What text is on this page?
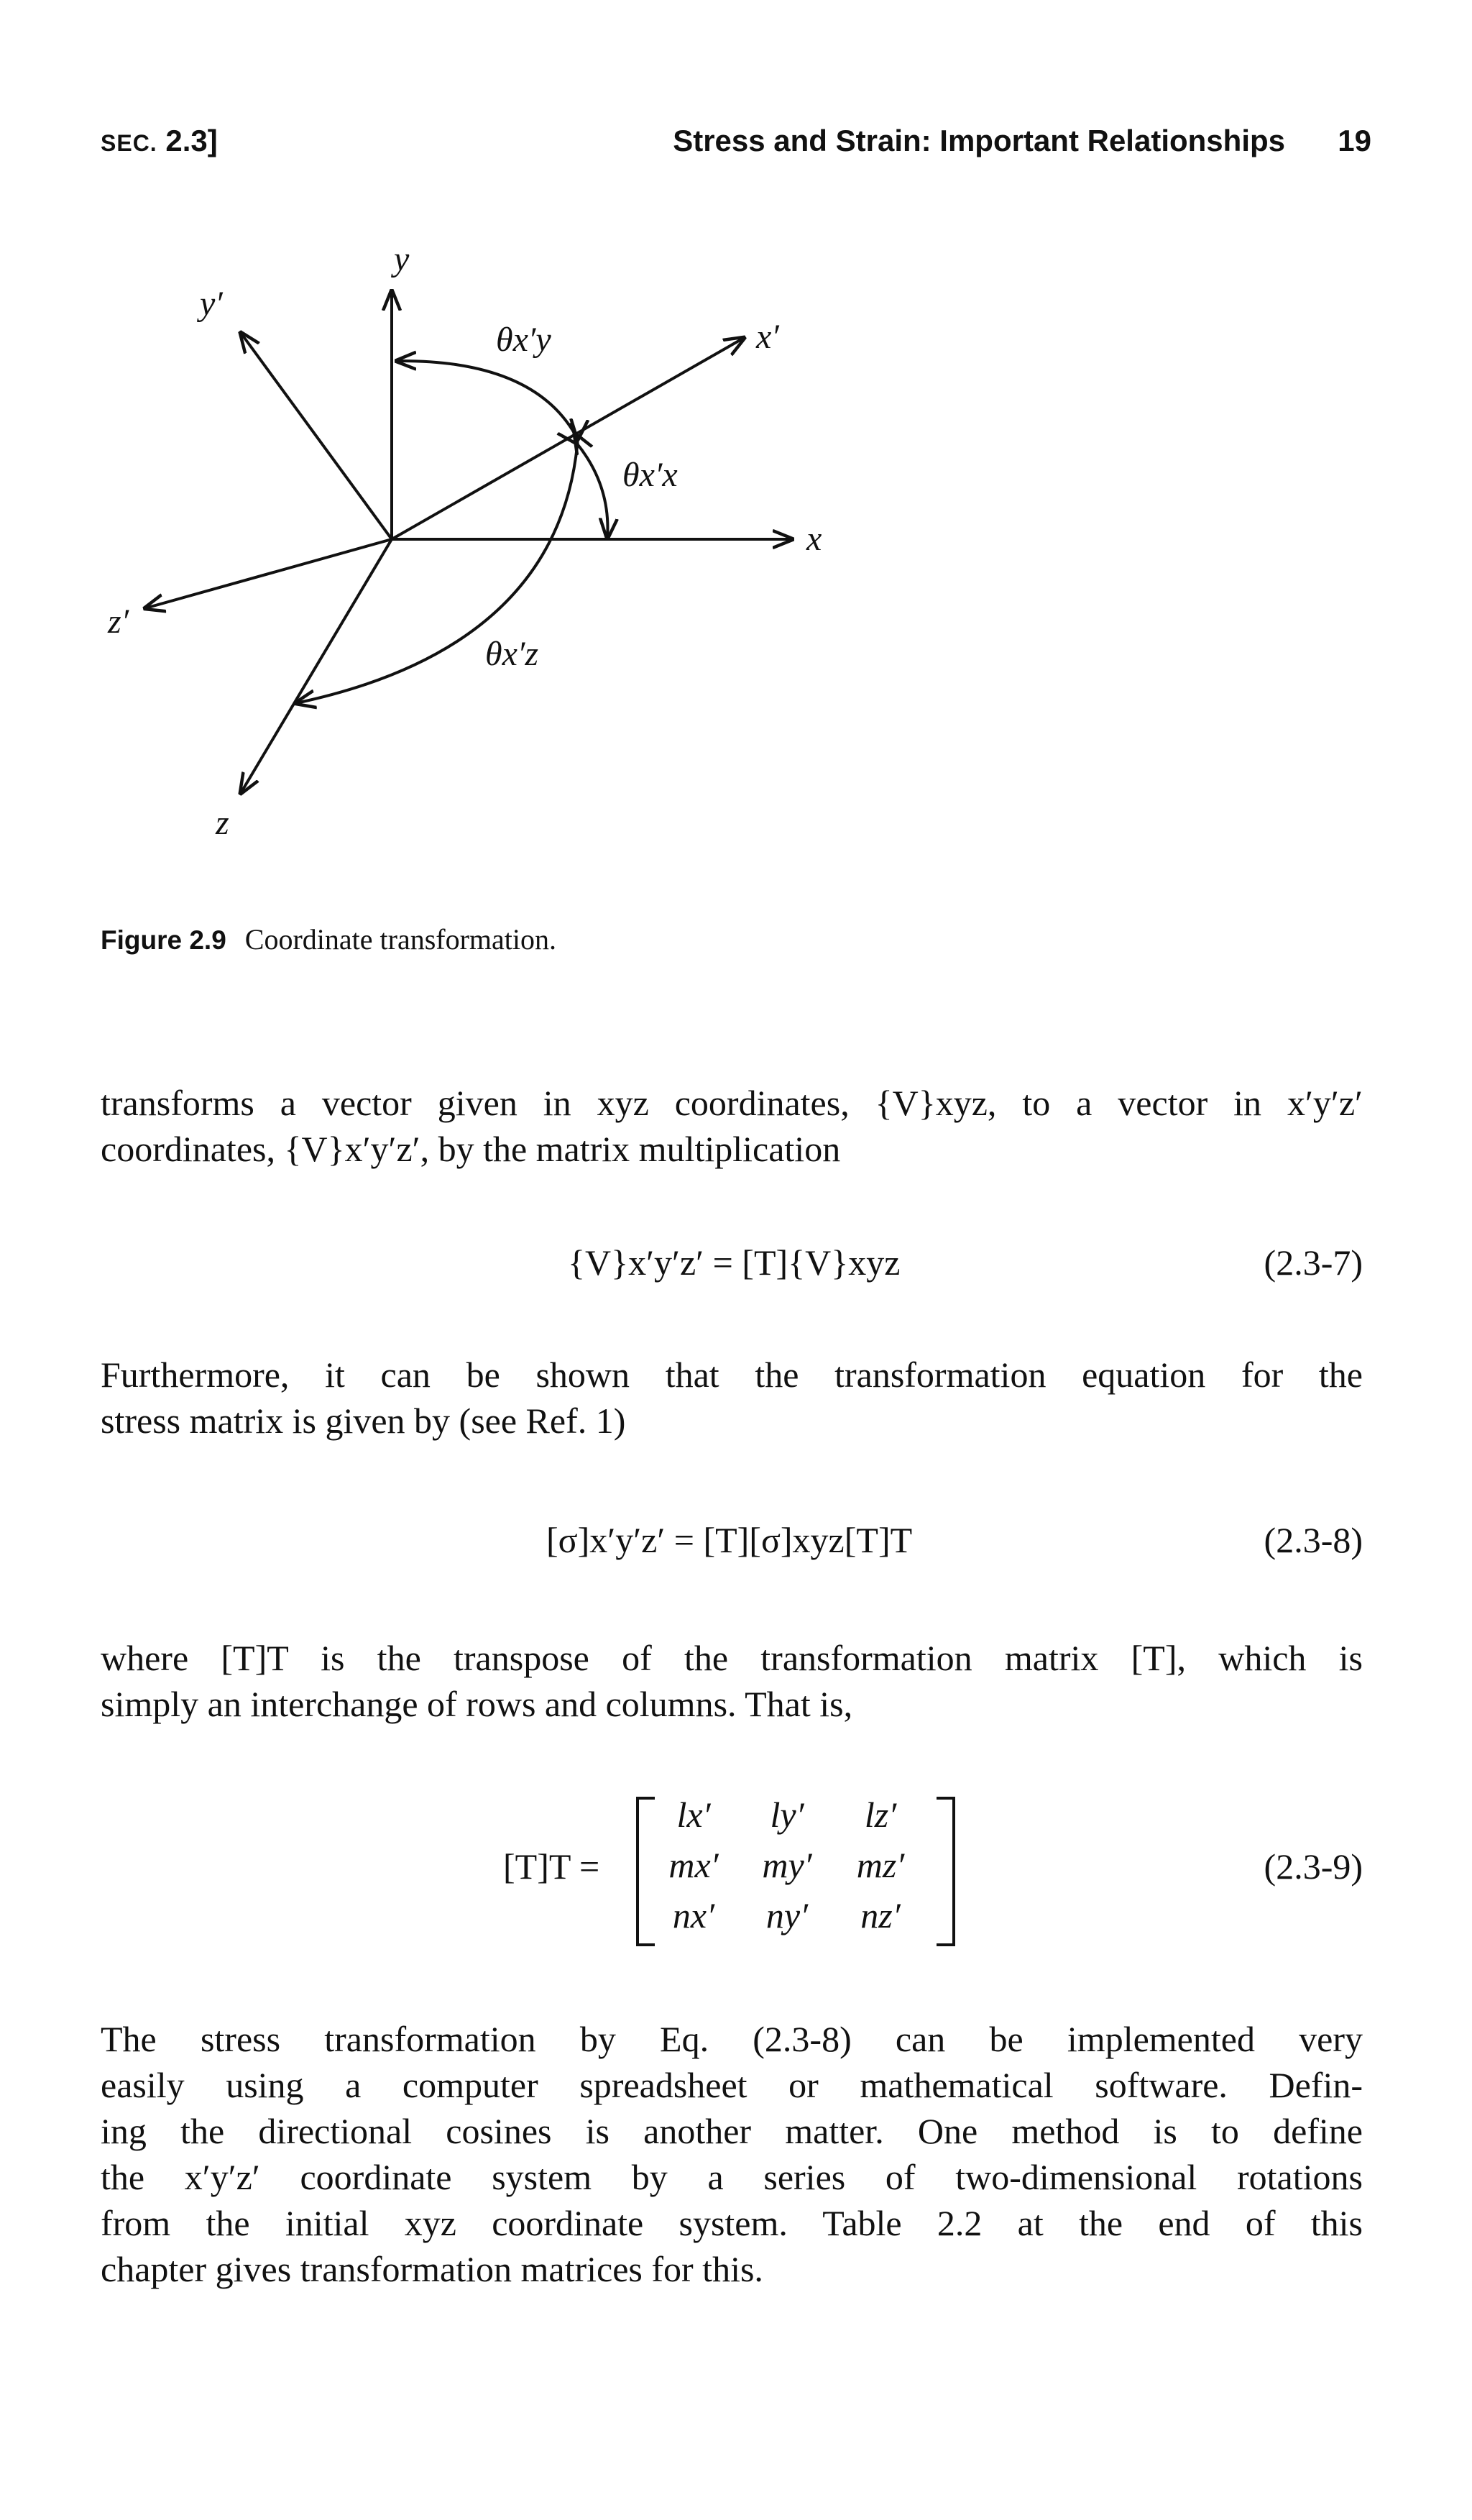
SEC. 2.3]	Stress and Strain: Important Relationships 19
y
y′
x′
x
z′
z
θx′y
θx′x
θx′z
Figure 2.9 Coordinate transformation.

transforms a vector given in xyz coordinates, {V}xyz, to a vector in x′y′z′
coordinates, {V}x′y′z′, by the matrix multiplication

{V}x′y′z′ = [T]{V}xyz	(2.3-7)

Furthermore, it can be shown that the transformation equation for the
stress matrix is given by (see Ref. 1)

[σ]x′y′z′ = [T][σ]xyz[T]T	(2.3-8)

where [T]T is the transpose of the transformation matrix [T], which is
simply an interchange of rows and columns. That is,

[T]T =
lx′	ly′	lz′
mx′	my′	mz′
nx′	ny′	nz′
(2.3-9)

The stress transformation by Eq. (2.3-8) can be implemented very
easily using a computer spreadsheet or mathematical software. Defin-
ing the directional cosines is another matter. One method is to define
the x′y′z′ coordinate system by a series of two-dimensional rotations
from the initial xyz coordinate system. Table 2.2 at the end of this
chapter gives transformation matrices for this.
